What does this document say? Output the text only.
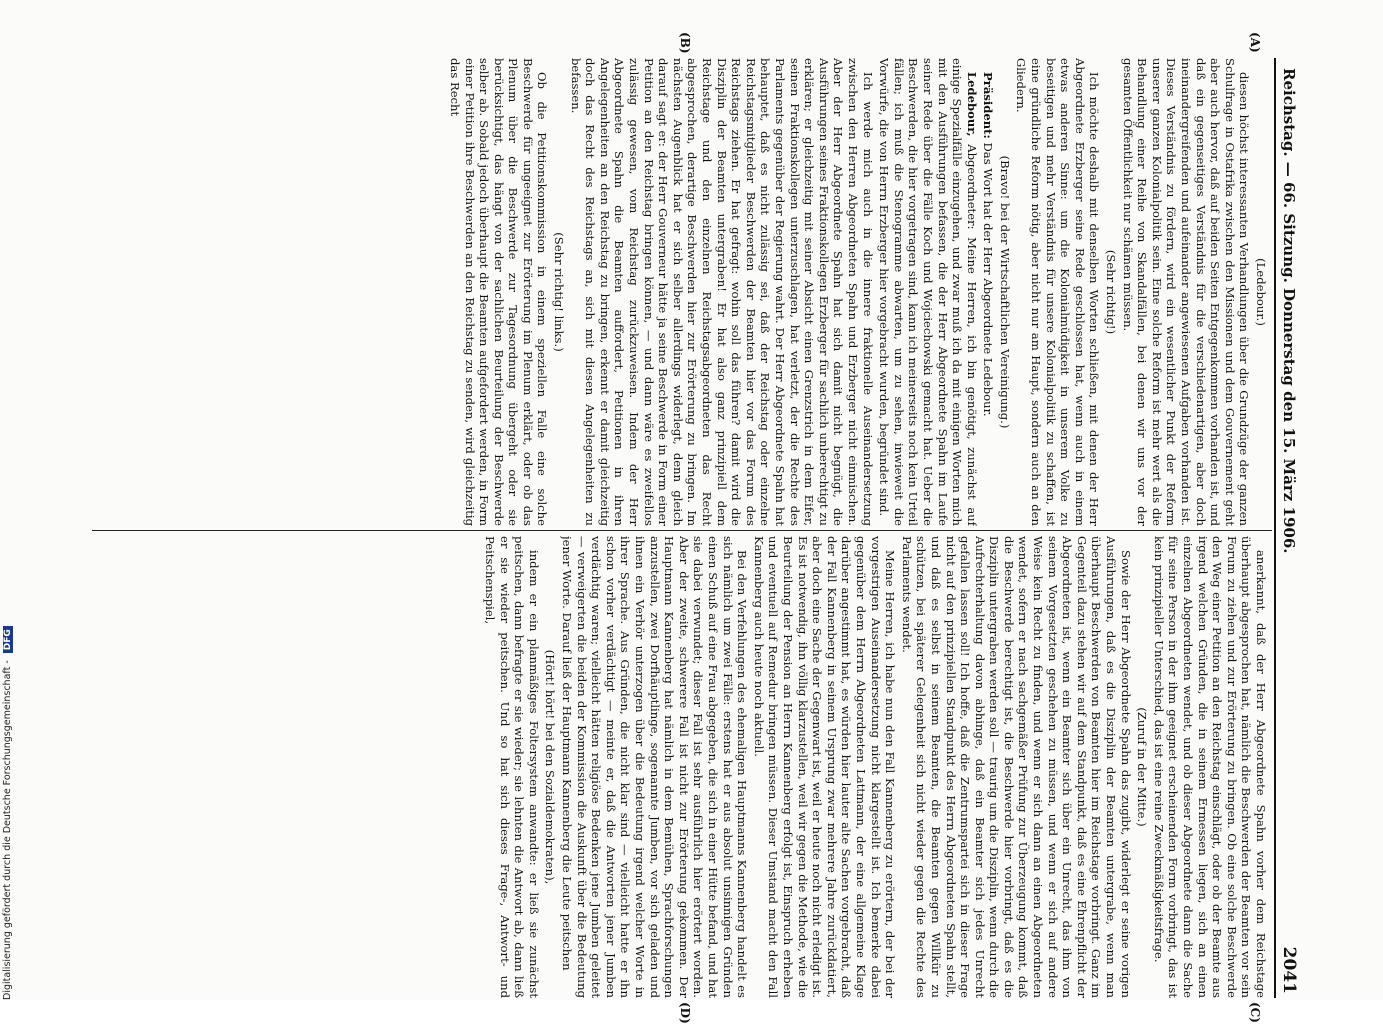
Reichstag. — 66. Sitzung. Donnerstag den 15. März 1906.
2041
(A)
(B)
(C)
(D)

(Ledebour.)

diesen höchst interessanten Verhandlungen über die Grundzüge der ganzen Schulfrage in Ostafrika zwischen den Missionen und dem Gouvernement geht aber auch hervor, daß auf beiden Seiten Entgegenkommen vorhanden ist, und daß ein gegenseitiges Verständnis für die verschiedenartigen, aber doch ineinandergreifenden und aufeinander angewiesenen Aufgaben vorhanden ist. Dieses Verständnis zu fördern, wird ein wesentlicher Punkt der Reform unserer ganzen Kolonialpolitik sein. Eine solche Reform ist mehr wert als die Behandlung einer Reihe von Skandalfällen, bei denen wir uns vor der gesamten Öffentlichkeit nur schämen müssen.

(Sehr richtig!)

Ich möchte deshalb mit denselben Worten schließen, mit denen der Herr Abgeordnete Erzberger seine Rede geschlossen hat, wenn auch in einem etwas anderen Sinne: um die Kolonialmüdigkeit in unserem Volke zu beseitigen und mehr Verständnis für unsere Kolonialpolitik zu schaffen, ist eine gründliche Reform nötig, aber nicht nur am Haupt, sondern auch an den Gliedern.

(Bravo! bei der Wirtschaftlichen Vereinigung.)

Präsident: Das Wort hat der Herr Abgeordnete Ledebour.

Ledebour, Abgeordneter: Meine Herren, ich bin genötigt, zunächst auf einige Spezialfälle einzugehen, und zwar muß ich da mit einigen Worten mich mit den Ausführungen befassen, die der Herr Abgeordnete Spahn im Laufe seiner Rede über die Fälle Koch und Wojciechowski gemacht hat. Ueber die Beschwerden, die hier vorgetragen sind, kann ich meinerseits noch kein Urteil fällen; ich muß die Stenogramme abwarten, um zu sehen, inwieweit die Vorwürfe, die von Herrn Erzberger hier vorgebracht wurden, begründet sind.

Ich werde mich auch in die innere fraktionelle Auseinandersetzung zwischen den Herren Abgeordneten Spahn und Erzberger nicht einmischen. Aber der Herr Abgeordnete Spahn hat sich damit nicht begnügt, die Ausführungen seines Fraktionskollegen Erzberger für sachlich unberechtigt zu erklären; er gleichzeitig mit seiner Absicht einen Grenzstrich in dem Eifer, seinen Fraktionskollegen unterzuschlagen, hat verletzt, der die Rechte des Parlaments gegenüber der Regierung wahrt. Der Herr Abgeordnete Spahn hat behauptet, daß es nicht zulässig sei, daß der Reichstag oder einzelne Reichstagsmitglieder Beschwerden der Beamten hier vor das Forum des Reichstags ziehen. Er hat gefragt: wohin soll das führen? damit wird die Disziplin der Beamten untergraben! Er hat also ganz prinzipiell dem Reichstage und den einzelnen Reichstagsabgeordneten das Recht abgesprochen, derartige Beschwerden hier zur Erörterung zu bringen. Im nächsten Augenblick hat er sich selber allerdings widerlegt, denn gleich darauf sagt er: der Herr Gouverneur hätte ja seine Beschwerde in Form einer Petition an den Reichstag bringen können, — und dann wäre es zweifellos zulässig gewesen, vom Reichstag zurückzuweisen. Indem der Herr Abgeordnete Spahn die Beamten auffordert, Petitionen in ihren Angelegenheiten an den Reichstag zu bringen, erkennt er damit gleichzeitig doch das Recht des Reichstags an, sich mit diesen Angelegenheiten zu befassen.

(Sehr richtig! links.)

Ob die Petitionskommission in einem speziellen Falle eine solche Beschwerde für ungeeignet zur Erörterung im Plenum erklärt, oder ob das Plenum über die Beschwerde zur Tagesordnung übergeht oder sie berücksichtigt, das hängt von der sachlichen Beurteilung der Beschwerde selber ab. Sobald jedoch überhaupt die Beamten aufgefordert werden, in Form einer Petition ihre Beschwerden an den Reichstag zu senden, wird gleichzeitig das Recht

anerkannt, daß der Herr Abgeordnete Spahn vorher dem Reichstage überhaupt abgesprochen hat, nämlich die Beschwerden der Beamten vor sein Forum zu ziehen und zur Erörterung zu bringen. Ob eine solche Beschwerde den Weg einer Petition an den Reichstag einschlägt, oder ob der Beamte aus irgend welchen Gründen, die in seinem Ermessen liegen, sich an einen einzelnen Abgeordneten wendet, und ob dieser Abgeordnete dann die Sache für seine Person in der ihm geeignet erscheinenden Form vorbringt, das ist kein prinzipieller Unterschied, das ist eine reine Zweckmäßigkeitsfrage.

(Zuruf in der Mitte.)

Sowie der Herr Abgeordnete Spahn das zugibt, widerlegt er seine vorigen Ausführungen, daß es die Disziplin der Beamten untergrabe, wenn man überhaupt Beschwerden von Beamten hier im Reichstage vorbringt. Ganz im Gegenteil dazu stehen wir auf dem Standpunkt, daß es eine Ehrenpflicht der Abgeordneten ist, wenn ein Beamter sich über ein Unrecht, das ihm von seinem Vorgesetzten geschehen zu müssen, und wenn er sich auf andere Weise kein Recht zu finden, und wenn er sich dann an einen Abgeordneten wendet, sofern er nach sachgemäßer Prüfung zur Überzeugung kommt, daß die Beschwerde berechtigt ist, die Beschwerde hier vorbringt, daß es die Disziplin untergraben werden soll — traurig um die Disziplin, wenn durch die Aufrechterhaltung davon abhinge, daß ein Beamter sich jedes Unrecht gefallen lassen soll! Ich hoffe, daß die Zentrumspartei sich in dieser Frage nicht auf den prinzipiellen Standpunkt des Herrn Abgeordneten Spahn stellt, und daß es selbst in seinem Beamten, die Beamten gegen Willkür zu schützen, bei späterer Gelegenheit sich nicht wieder gegen die Rechte des Parlaments wendet.

Meine Herren, ich habe nun den Fall Kannenberg zu erörtern, der bei der vorgestrigen Auseinandersetzung nicht klargestellt ist. Ich bemerke dabei gegenüber dem Herrn Abgeordneten Lattmann, der eine allgemeine Klage darüber angestimmt hat, es würden hier lauter alte Sachen vorgebracht, daß der Fall Kannenberg in seinem Ursprung zwar mehrere Jahre zurückdatiert, aber doch eine Sache der Gegenwart ist, weil er heute noch nicht erledigt ist. Es ist notwendig, ihn völlig klarzustellen, weil wir gegen die Methode, wie die Beurteilung der Pension an Herrn Kannenberg erfolgt ist, Einspruch erheben und eventuell auf Remedur bringen müssen. Dieser Umstand macht den Fall Kannenberg auch heute noch aktuell.

Bei den Verfehlungen des ehemaligen Hauptmanns Kannenberg handelt es sich nämlich um zwei Fälle: erstens hat er aus absolut unsinnigen Gründen einen Schuß auf eine Frau abgegeben, die sich in einer Hütte befand, und hat sie dabei verwundet; dieser Fall ist sehr ausführlich hier erörtert worden. Aber der zweite, schwerere Fall ist nicht zur Erörterung gekommen. Der Hauptmann Kannenberg hat nämlich in dem Bemühen, Sprachforschungen anzustellen, zwei Dorfhäuptlinge, sogenannte Jumben, vor sich geladen und ihnen ein Verhör unterzogen über die Bedeutung irgend welcher Worte in ihrer Sprache. Aus Gründen, die nicht klar sind — vielleicht hatte er ihn schon vorher verdächtigt — meinte er, daß die Antworten jener Jumben verdächtig waren; vielleicht hätten religiöse Bedenken jene Jumben geleitet — verweigerten die beiden der Kommission die Auskunft über die Bedeutung jener Worte. Darauf ließ der Hauptmann Kannenberg die Leute peitschen

(Hört! hört! bei den Sozialdemokraten),

indem er ein planmäßiges Foltersystem anwandte: er ließ sie zunächst peitschen, dann befragte er sie wieder; sie lehnten die Antwort ab, dann ließ er sie wieder peitschen. Und so hat sich dieses Frage-, Antwort- und Peitschenspiel,

Digitalisierung gefördert durch die Deutsche Forschungsgemeinschaft - DFG
